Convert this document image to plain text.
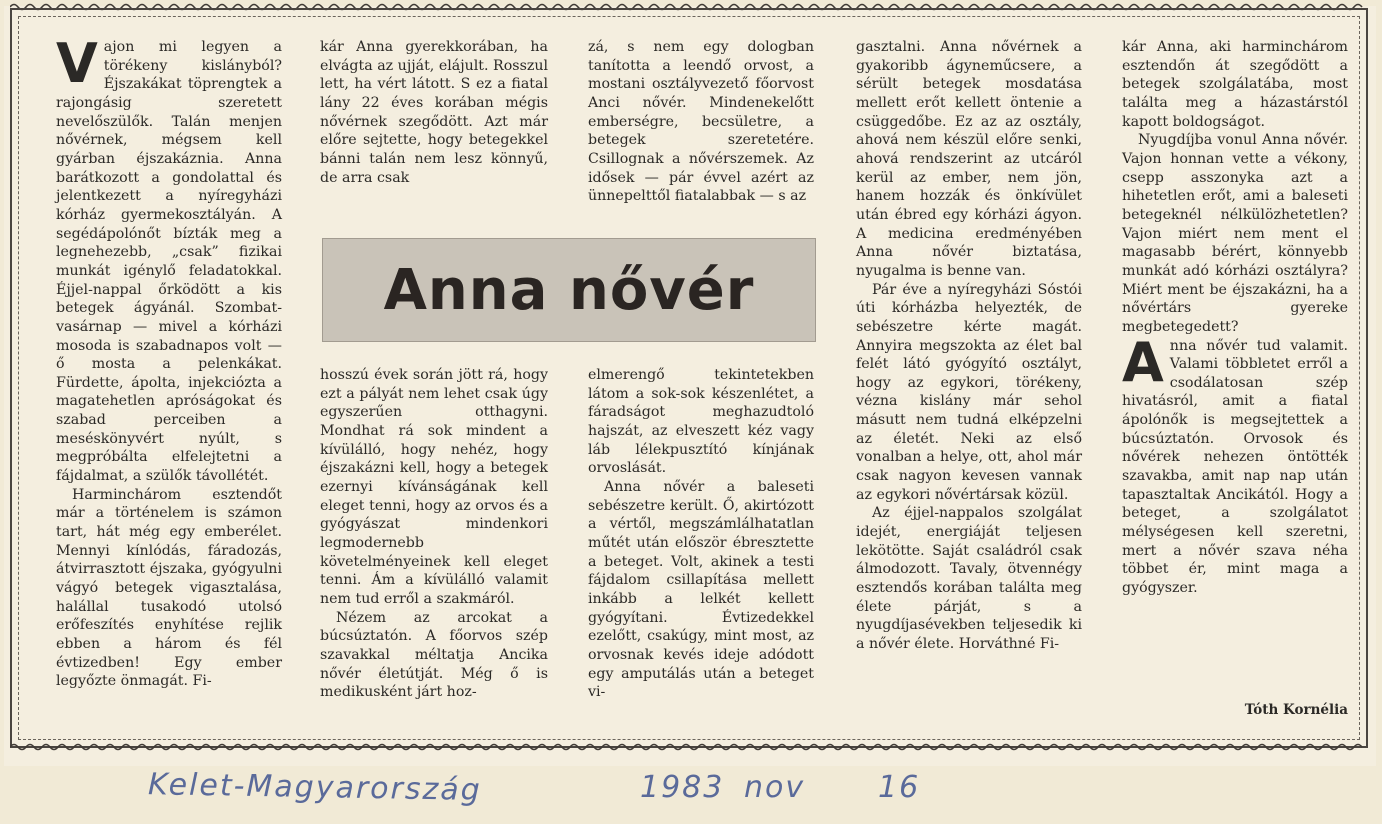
Vajon mi legyen a törékeny kislányból? Éjszakákat töprengtek a rajongásig szeretett nevelőszülők. Talán menjen nővérnek, mégsem kell gyárban éjszakáznia. Anna barátkozott a gondolattal és jelentkezett a nyíregyházi kórház gyermekosztályán. A segédápolónőt bízták meg a legnehezebb, „csak” fizikai munkát igénylő feladatokkal. Éjjel-nappal őrködött a kis betegek ágyánál. Szombat-vasárnap — mivel a kórházi mosoda is szabadnapos volt — ő mosta a pelenkákat. Fürdette, ápolta, injekciózta a magatehetlen apróságokat és szabad perceiben a meséskönyvért nyúlt, s megpróbálta elfelejtetni a fájdalmat, a szülők távollétét.

Harminchárom esztendőt már a történelem is számon tart, hát még egy emberélet. Mennyi kínlódás, fáradozás, átvirrasztott éjszaka, gyógyulni vágyó betegek vigasztalása, halállal tusakodó utolsó erőfeszítés enyhítése rejlik ebben a három és fél évtizedben! Egy ember legyőzte önmagát. Fi-

kár Anna gyerekkorában, ha elvágta az ujját, elájult. Rosszul lett, ha vért látott. S ez a fiatal lány 22 éves korában mégis nővérnek szegődött. Azt már előre sejtette, hogy betegekkel bánni talán nem lesz könnyű, de arra csak

zá, s nem egy dologban tanította a leendő orvost, a mostani osztályvezető főorvost Anci nővér. Mindenekelőtt emberségre, becsületre, a betegek szeretetére. Csillognak a nővérszemek. Az idősek — pár évvel azért az ünnepelttől fiatalabbak — s az

Anna nővér

hosszú évek során jött rá, hogy ezt a pályát nem lehet csak úgy egyszerűen otthagyni. Mondhat rá sok mindent a kívülálló, hogy nehéz, hogy éjszakázni kell, hogy a betegek ezernyi kívánságának kell eleget tenni, hogy az orvos és a gyógyászat mindenkori legmodernebb követelményeinek kell eleget tenni. Ám a kívülálló valamit nem tud erről a szakmáról.

Nézem az arcokat a búcsúztatón. A főorvos szép szavakkal méltatja Ancika nővér életútját. Még ő is medikusként járt hoz-

elmerengő tekintetekben látom a sok-sok készenlétet, a fáradságot meghazudtoló hajszát, az elveszett kéz vagy láb lélekpusztító kínjának orvoslását.

Anna nővér a baleseti sebészetre került. Ő, akirtózott a vértől, megszámlálhatatlan műtét után először ébresztette a beteget. Volt, akinek a testi fájdalom csillapítása mellett inkább a lelkét kellett gyógyítani. Évtizedekkel ezelőtt, csakúgy, mint most, az orvosnak kevés ideje adódott egy amputálás után a beteget vi-

gasztalni. Anna nővérnek a gyakoribb ágyneműcsere, a sérült betegek mosdatása mellett erőt kellett öntenie a csüggedőbe. Ez az az osztály, ahová nem készül előre senki, ahová rendszerint az utcáról kerül az ember, nem jön, hanem hozzák és önkívület után ébred egy kórházi ágyon. A medicina eredményében Anna nővér biztatása, nyugalma is benne van.

Pár éve a nyíregyházi Sóstói úti kórházba helyezték, de sebészetre kérte magát. Annyira megszokta az élet bal felét látó gyógyító osztályt, hogy az egykori, törékeny, vézna kislány már sehol másutt nem tudná elképzelni az életét. Neki az első vonalban a helye, ott, ahol már csak nagyon kevesen vannak az egykori nővértársak közül.

Az éjjel-nappalos szolgálat idejét, energiáját teljesen lekötötte. Saját családról csak álmodozott. Tavaly, ötvennégy esztendős korában találta meg élete párját, s a nyugdíjasévekben teljesedik ki a nővér élete. Horváthné Fi-

kár Anna, aki harminchárom esztendőn át szegődött a betegek szolgálatába, most találta meg a házastárstól kapott boldogságot.

Nyugdíjba vonul Anna nővér. Vajon honnan vette a vékony, csepp asszonyka azt a hihetetlen erőt, ami a baleseti betegeknél nélkülözhetetlen? Vajon miért nem ment el magasabb bérért, könnyebb munkát adó kórházi osztályra? Miért ment be éjszakázni, ha a nővértárs gyereke megbetegedett?

Anna nővér tud valamit. Valami többletet erről a csodálatosan szép hivatásról, amit a fiatal ápolónők is megsejtettek a búcsúztatón. Orvosok és nővérek nehezen öntötték szavakba, amit nap nap után tapasztaltak Ancikától. Hogy a beteget, a szolgálatot mélységesen kell szeretni, mert a nővér szava néha többet ér, mint maga a gyógyszer.

Tóth Kornélia
Kelet-Magyarország	1983 nov 16
